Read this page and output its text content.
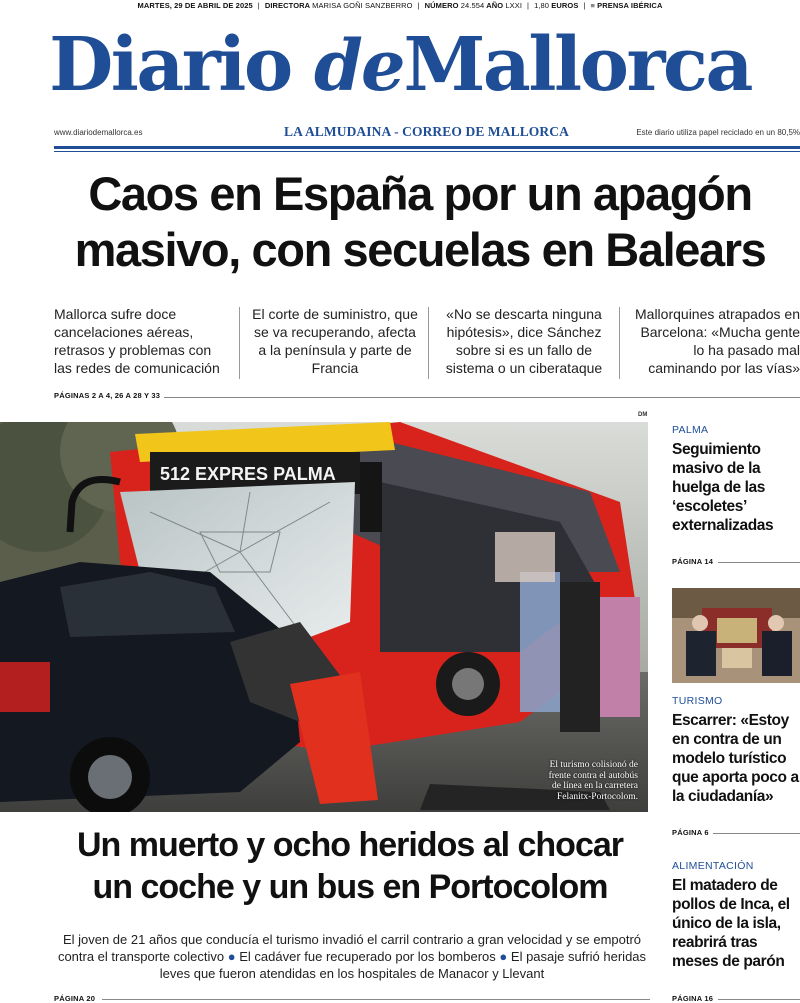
MARTES, 29 DE ABRIL DE 2025 | DIRECTORA MARISA GOÑI SANZBERRO | NÚMERO 24.554 AÑO LXXI | 1,80 EUROS | ≡ PRENSA IBÉRICA
Diario deMallorca
www.diariodemallorca.es	LA ALMUDAINA - CORREO DE MALLORCA	Este diario utiliza papel reciclado en un 80,5%
Caos en España por un apagón
masivo, con secuelas en Balears
Mallorca sufre doce cancelaciones aéreas, retrasos y problemas con las redes de comunicación
El corte de suministro, que se va recuperando, afecta a la península y parte de Francia
«No se descarta ninguna hipótesis», dice Sánchez sobre si es un fallo de sistema o un ciberataque
Mallorquines atrapados en Barcelona: «Mucha gente lo ha pasado mal caminando por las vías»
PÁGINAS 2 A 4, 26 A 28 Y 33
DM
512 EXPRES PALMA
El turismo colisionó de frente contra el autobús de línea en la carretera Felanitx-Portocolom.
Un muerto y ocho heridos al chocar
un coche y un bus en Portocolom
El joven de 21 años que conducía el turismo invadió el carril contrario a gran velocidad y se empotró contra el transporte colectivo ● El cadáver fue recuperado por los bomberos ● El pasaje sufrió heridas leves que fueron atendidas en los hospitales de Manacor y Llevant
PÁGINA 20
PALMA
Seguimiento masivo de la huelga de las ‘escoletes’ externalizadas
PÁGINA 14
TURISMO
Escarrer: «Estoy en contra de un modelo turístico que aporta poco a la ciudadanía»
PÁGINA 6
ALIMENTACIÓN
El matadero de pollos de Inca, el único de la isla, reabrirá tras meses de parón
PÁGINA 16
